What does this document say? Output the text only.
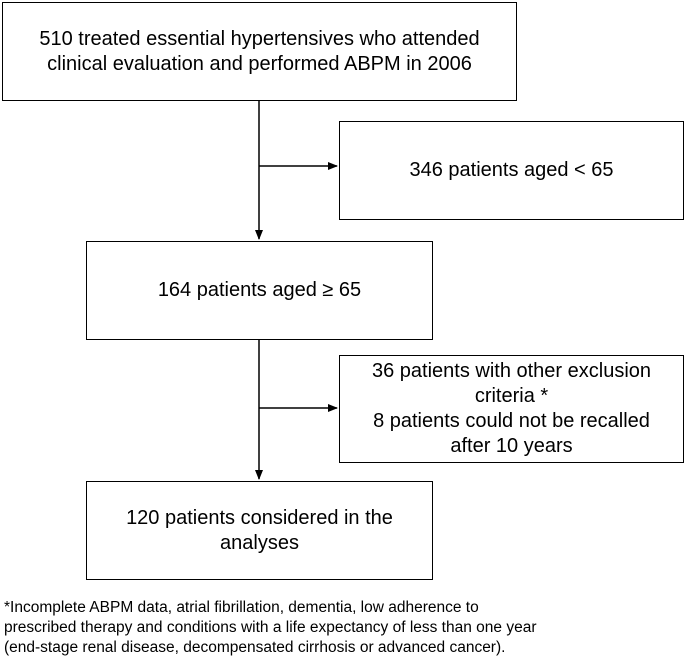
510 treated essential hypertensives who attended
clinical evaluation and performed ABPM in 2006
346 patients aged < 65
164 patients aged ≥ 65
36 patients with other exclusion
criteria *
8 patients could not be recalled
after 10 years
120 patients considered in the
analyses
*Incomplete ABPM data, atrial fibrillation, dementia, low adherence to
prescribed therapy and conditions with a life expectancy of less than one year
(end-stage renal disease, decompensated cirrhosis or advanced cancer).
